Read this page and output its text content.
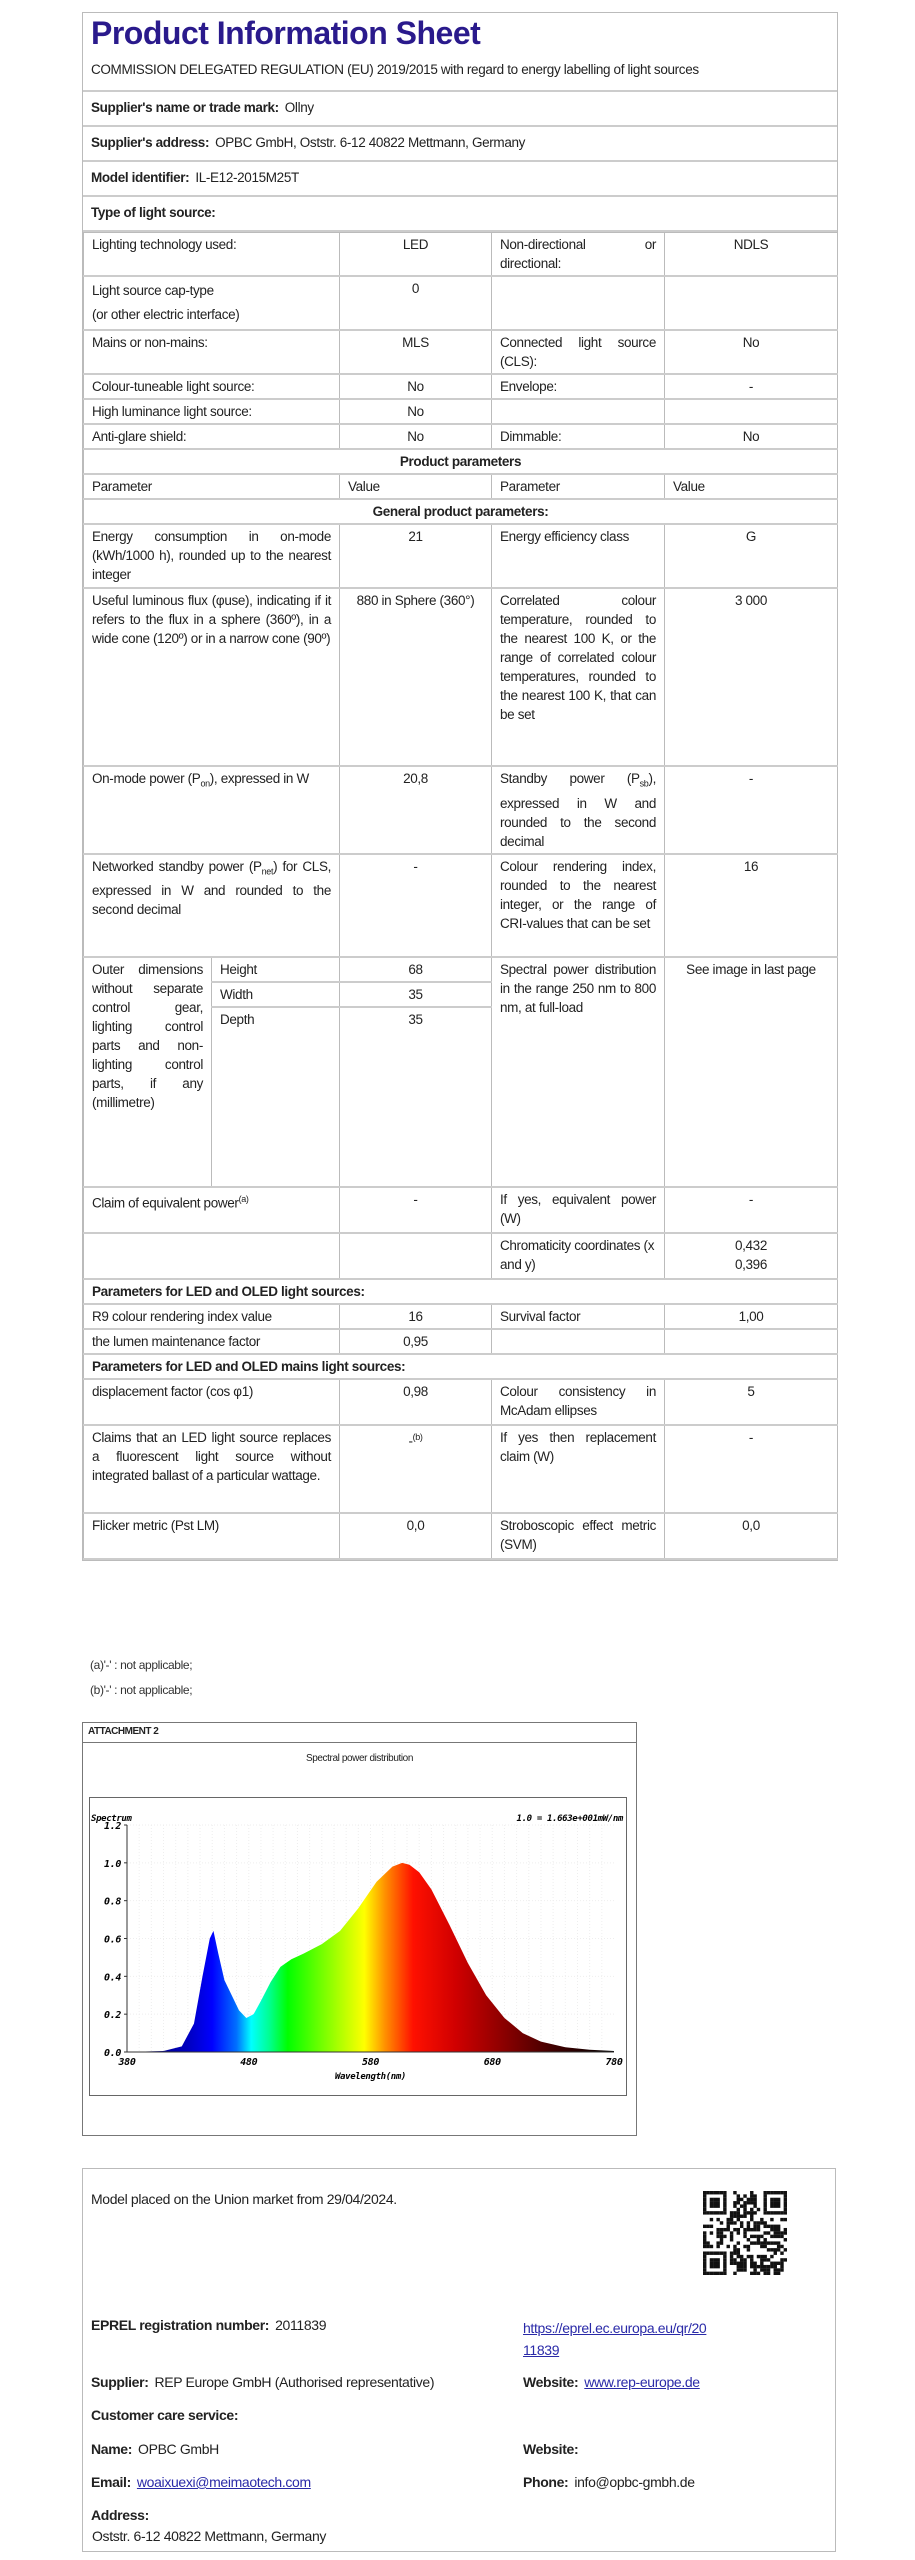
Product Information Sheet
COMMISSION DELEGATED REGULATION (EU) 2019/2015 with regard to energy labelling of light sources
Supplier's name or trade mark: Ollny
Supplier's address: OPBC GmbH, Oststr. 6-12 40822 Mettmann, Germany
Model identifier: IL-E12-2015M25T
Type of light source:
Lighting technology used:		LED	Non-directional or directional:	NDLS

Light source cap-type
(or other electric interface)		0		
Mains or non-mains:		MLS	Connected light source (CLS):	No
Colour-tuneable light source:		No	Envelope:	-
High luminance light source:		No		
Anti-glare shield:		No	Dimmable:	No
Product parameters				
Parameter		Value	Parameter	Value
General product parameters:				
Energy consumption in on-mode (kWh/1000 h), rounded up to the nearest integer		21	Energy efficiency class	G
Useful luminous flux (φuse), indicating if it refers to the flux in a sphere (360º), in a wide cone (120º) or in a narrow cone (90º)		880 in Sphere (360°)	Correlated colour temperature, rounded to the nearest 100 K, or the range of correlated colour temperatures, rounded to the nearest 100 K, that can be set	3 000
On-mode power $(P_{on})$, expressed in W		20,8	Standby power $(P_{sb})$, expressed in W and rounded to the second decimal	-
Networked standby power $(P_{net})$ for CLS, expressed in W and rounded to the second decimal		-	Colour rendering index, rounded to the nearest integer, or the range of CRI-values that can be set	16
Outer dimensions without separate control gear, lighting control parts and non-lighting control parts, if any (millimetre)	Height	68	Spectral power distribution in the range 250 nm to 800 nm, at full-load	See image in last page
	Width	35		
	Depth	35		
Claim of equivalent power$^{(a)}$		-	If yes, equivalent power (W)	-
			Chromaticity coordinates (x and y)	0,432
0,396

Parameters for LED and OLED light sources:				
R9 colour rendering index value		16	Survival factor	1,00
the lumen maintenance factor		0,95		
Parameters for LED and OLED mains light sources:				
displacement factor (cos φ1)		0,98	Colour consistency in McAdam ellipses	5
Claims that an LED light source replaces a fluorescent light source without integrated ballast of a particular wattage.		-$^{(b)}$	If yes then replacement claim (W)	-
Flicker metric (Pst LM)		0,0	Stroboscopic effect metric (SVM)	0,0
(a)'-' : not applicable;
(b)'-' : not applicable;
ATTACHMENT 2
Spectral power distribution
0.0
0.2
0.4
0.6
0.8
1.0
1.2
380	480	580	680	780
Spectrum
Wavelength(nm)
1.0 = 1.663e+001mW/nm
Model placed on the Union market from 29/04/2024.
EPREL registration number: 2011839	https://eprel.ec.europa.eu/qr/20
11839
Supplier: REP Europe GmbH (Authorised representative)	Website: www.rep-europe.de
Customer care service:
Name: OPBC GmbH	Website:
Email: woaixuexi@meimaotech.com	Phone: info@opbc-gmbh.de
Address:
Oststr. 6-12 40822 Mettmann, Germany
